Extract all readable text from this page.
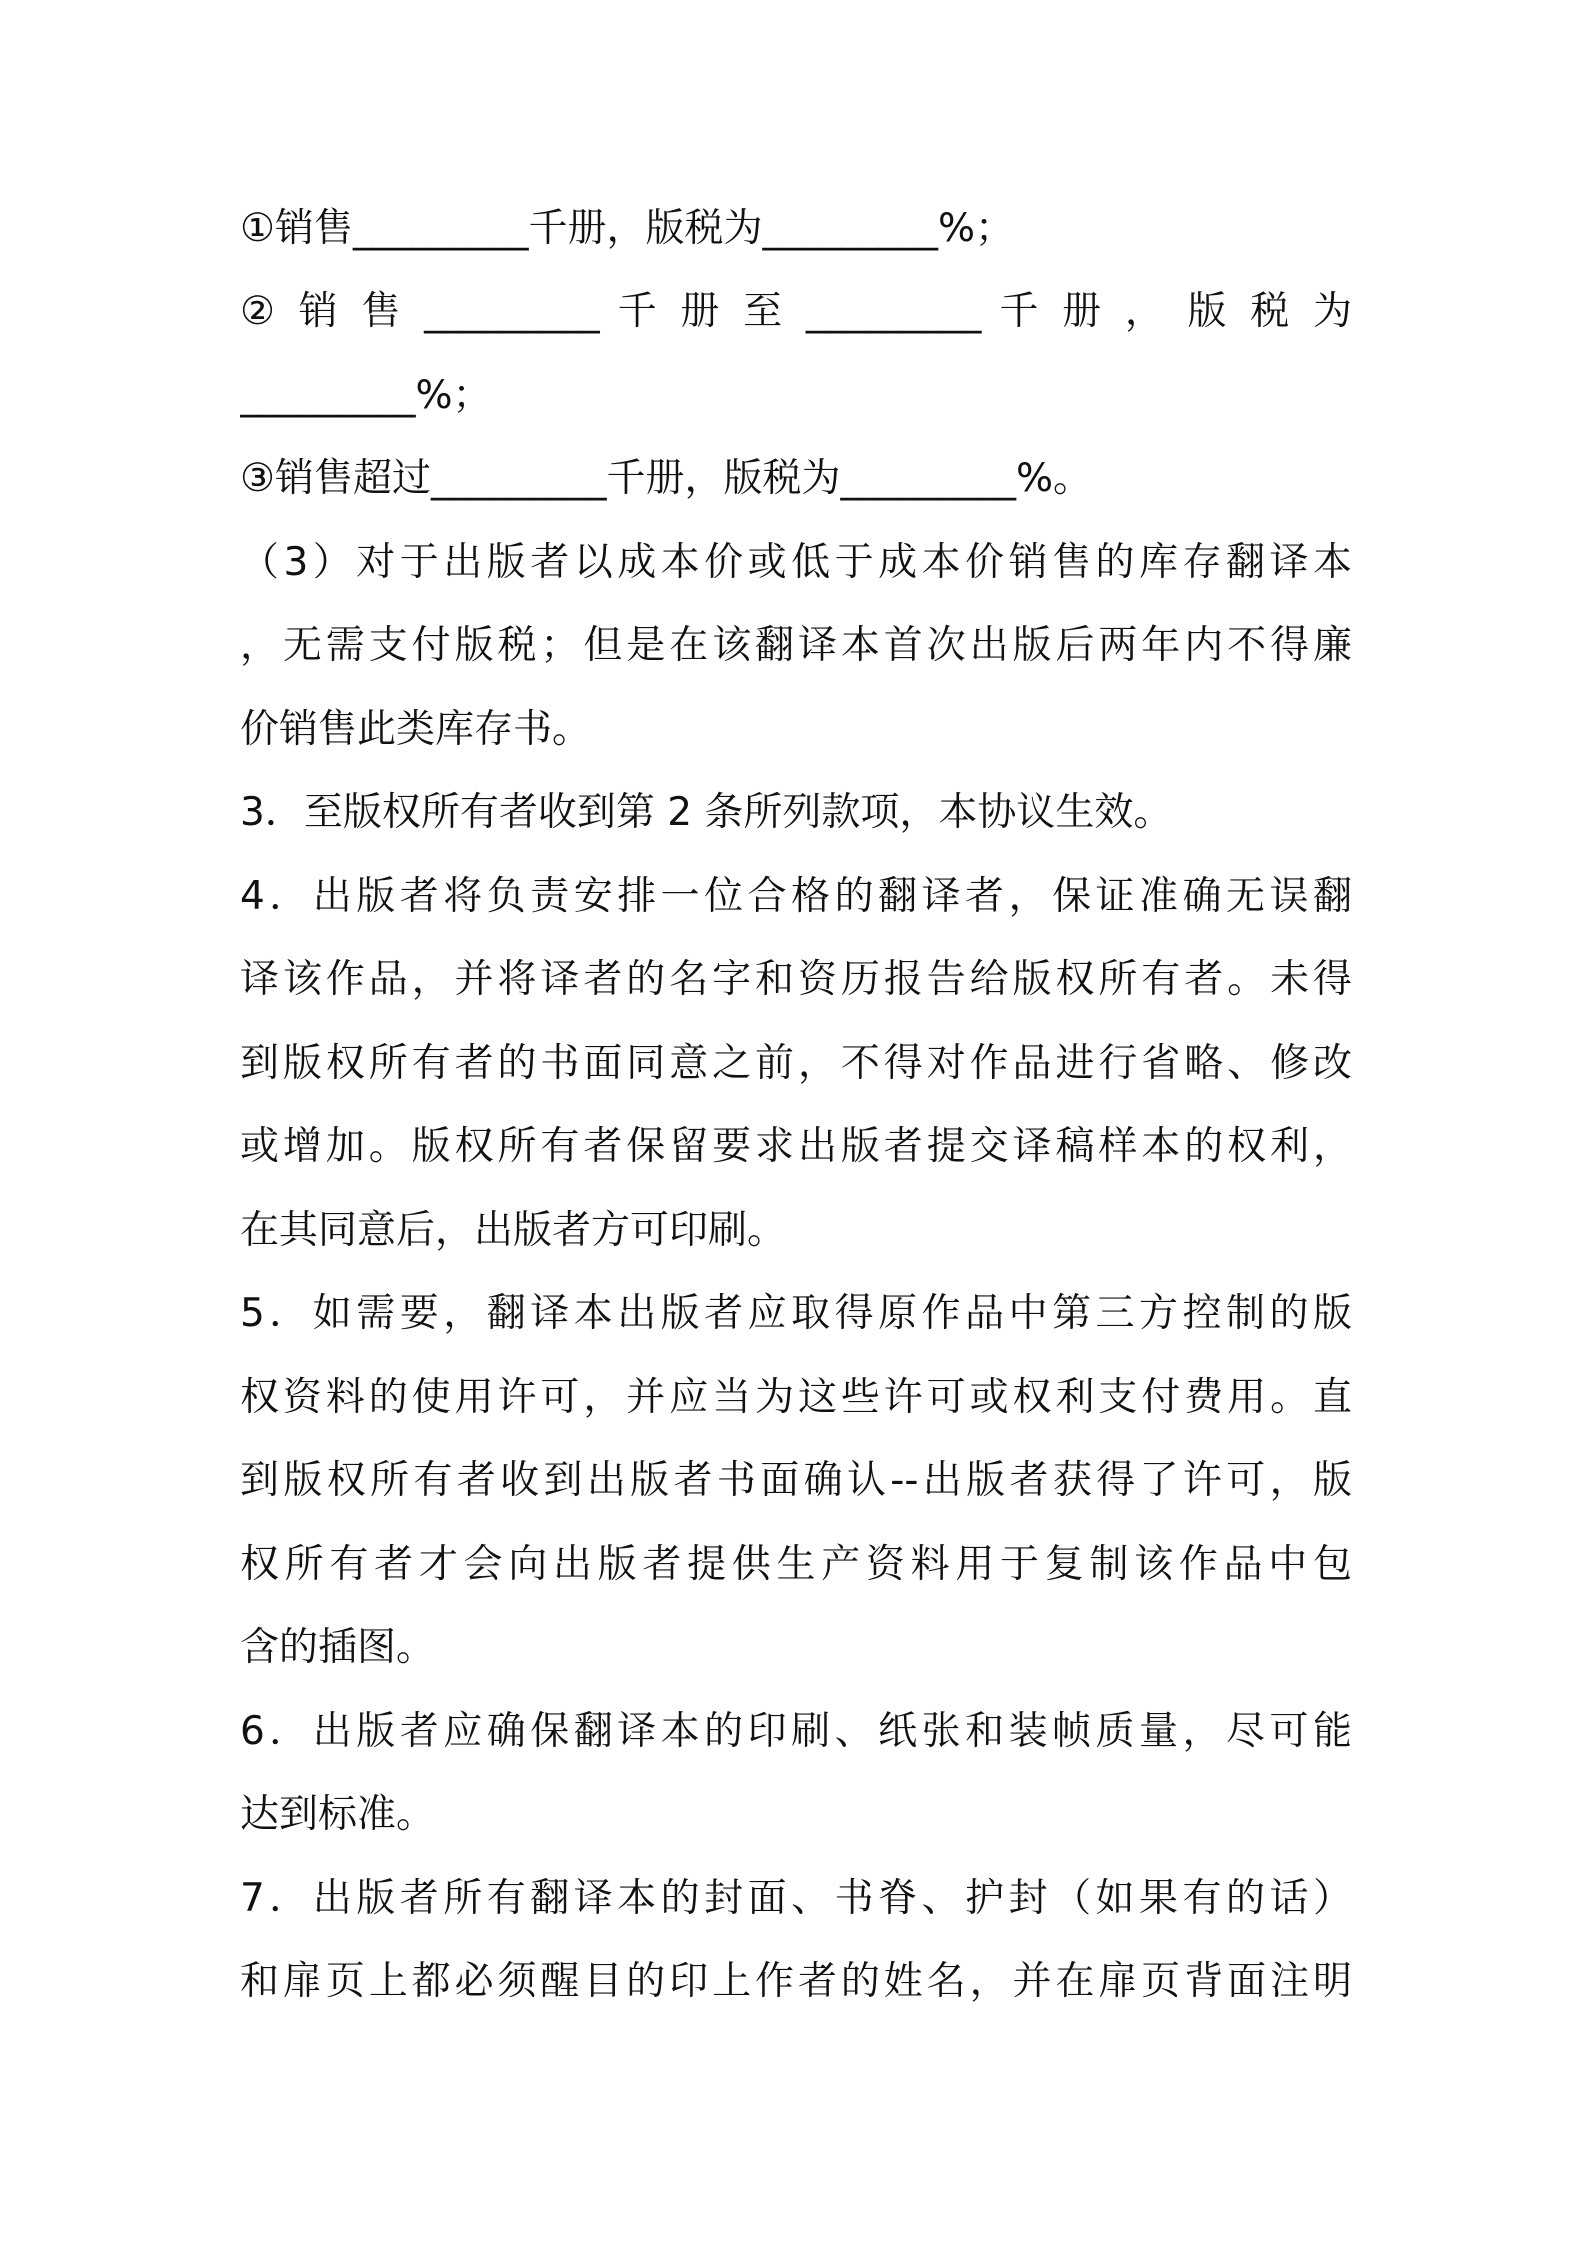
①销售_________千册，版税为_________%；
② 销 售 _________ 千 册 至 _________ 千 册 ， 版 税 为
_________%；
③销售超过_________千册，版税为_________%。
（3）对于出版者以成本价或低于成本价销售的库存翻译本
，无需支付版税；但是在该翻译本首次出版后两年内不得廉
价销售此类库存书。
3．至版权所有者收到第 2 条所列款项，本协议生效。
4．出版者将负责安排一位合格的翻译者，保证准确无误翻
译该作品，并将译者的名字和资历报告给版权所有者。未得
到版权所有者的书面同意之前，不得对作品进行省略、修改
或增加。版权所有者保留要求出版者提交译稿样本的权利，
在其同意后，出版者方可印刷。
5．如需要，翻译本出版者应取得原作品中第三方控制的版
权资料的使用许可，并应当为这些许可或权利支付费用。直
到版权所有者收到出版者书面确认--出版者获得了许可，版
权所有者才会向出版者提供生产资料用于复制该作品中包
含的插图。
6．出版者应确保翻译本的印刷、纸张和装帧质量，尽可能
达到标准。
7．出版者所有翻译本的封面、书脊、护封（如果有的话）
和扉页上都必须醒目的印上作者的姓名，并在扉页背面注明
